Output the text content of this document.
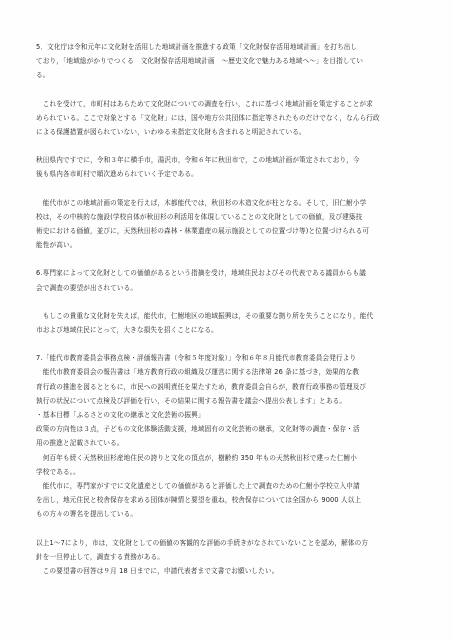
5．文化庁は令和元年に文化財を活用した地域計画を推進する政策「文化財保存活用地域計画」を打ち出し

ており，「地域総がかりでつくる　文化財保存活用地域計画　～歴史文化で魅力ある地域へ～」を目指してい

る。

　これを受けて，市町村はあらためて文化財についての調査を行い，これに基づく地域計画を策定することが求

められている。ここで対象とする「文化財」には，国や地方公共団体に指定等されたものだけでなく，なんら行政

による保護措置が図られていない，いわゆる未指定文化財も含まれると明記されている。

秋田県内ですでに，令和３年に横手市，湯沢市，令和６年に秋田市で，この地域計画が策定されており，今

後も県内各市町村で順次進められていく予定である。

　能代市がこの地域計画の策定を行えば，木都能代では，秋田杉の木造文化が柱となる。そして，旧仁鮒小学

校は，その中核的な施設(学校自体が秋田杉の利活用を体現していることの文化財としての価値，及び建築技

術史における価値，並びに，天然秋田杉の森林・林業遺産の展示施設としての位置づけ等)と位置づけられる可

能性が高い。

6.専門家によって文化財としての価値があるという指摘を受け，地域住民およびその代表である議員からも議

会で調査の要望が出されている。

　もしこの貴重な文化財を失えば，能代市，仁鮒地区の地域振興は，その重要な拠り所を失うことになり，能代

市および地域住民にとって，大きな損失を招くことになる。

7.「能代市教育委員会事務点検・評価報告書（令和５年度対象）」令和６年８月能代市教育委員会発行より

　能代市教育委員会の報告書は「地方教育行政の組織及び運営に関する法律第 26 条に基づき，効果的な教

育行政の推進を図るとともに，市民への説明責任を果たすため，教育委員会自らが，教育行政事務の管理及び

執行の状況について点検及び評価を行い，その結果に関する報告書を議会へ提出公表します」とある。

・基本目標「ふるさとの文化の継承と文化芸術の振興」

政策の方向性は３点，子どもの文化体験活動支援，地域固有の文化芸術の継承，文化財等の調査・保存・活

用の推進と記載されている。

　何百年も続く天然秋田杉産地住民の誇りと文化の頂点が，樹齢約 350 年もの天然秋田杉で建った仁鮒小

学校である。。

　能代市に，専門家がすでに文化遺産としての価値があると評価した上で調査のための仁鮒小学校立入申請

を出し，地元住民と校舎保存を求める団体が陳情と要望を重ね，校舎保存については全国から 9000 人以上

もの方々の署名を提出している。

以上1～7により，市は，文化財としての価値の客観的な評価の手続きがなされていないことを認め，解体の方

針を一旦停止して，調査する責務がある。

　この要望書の回答は９月 18 日までに，申請代表者まで文書でお願いしたい。
